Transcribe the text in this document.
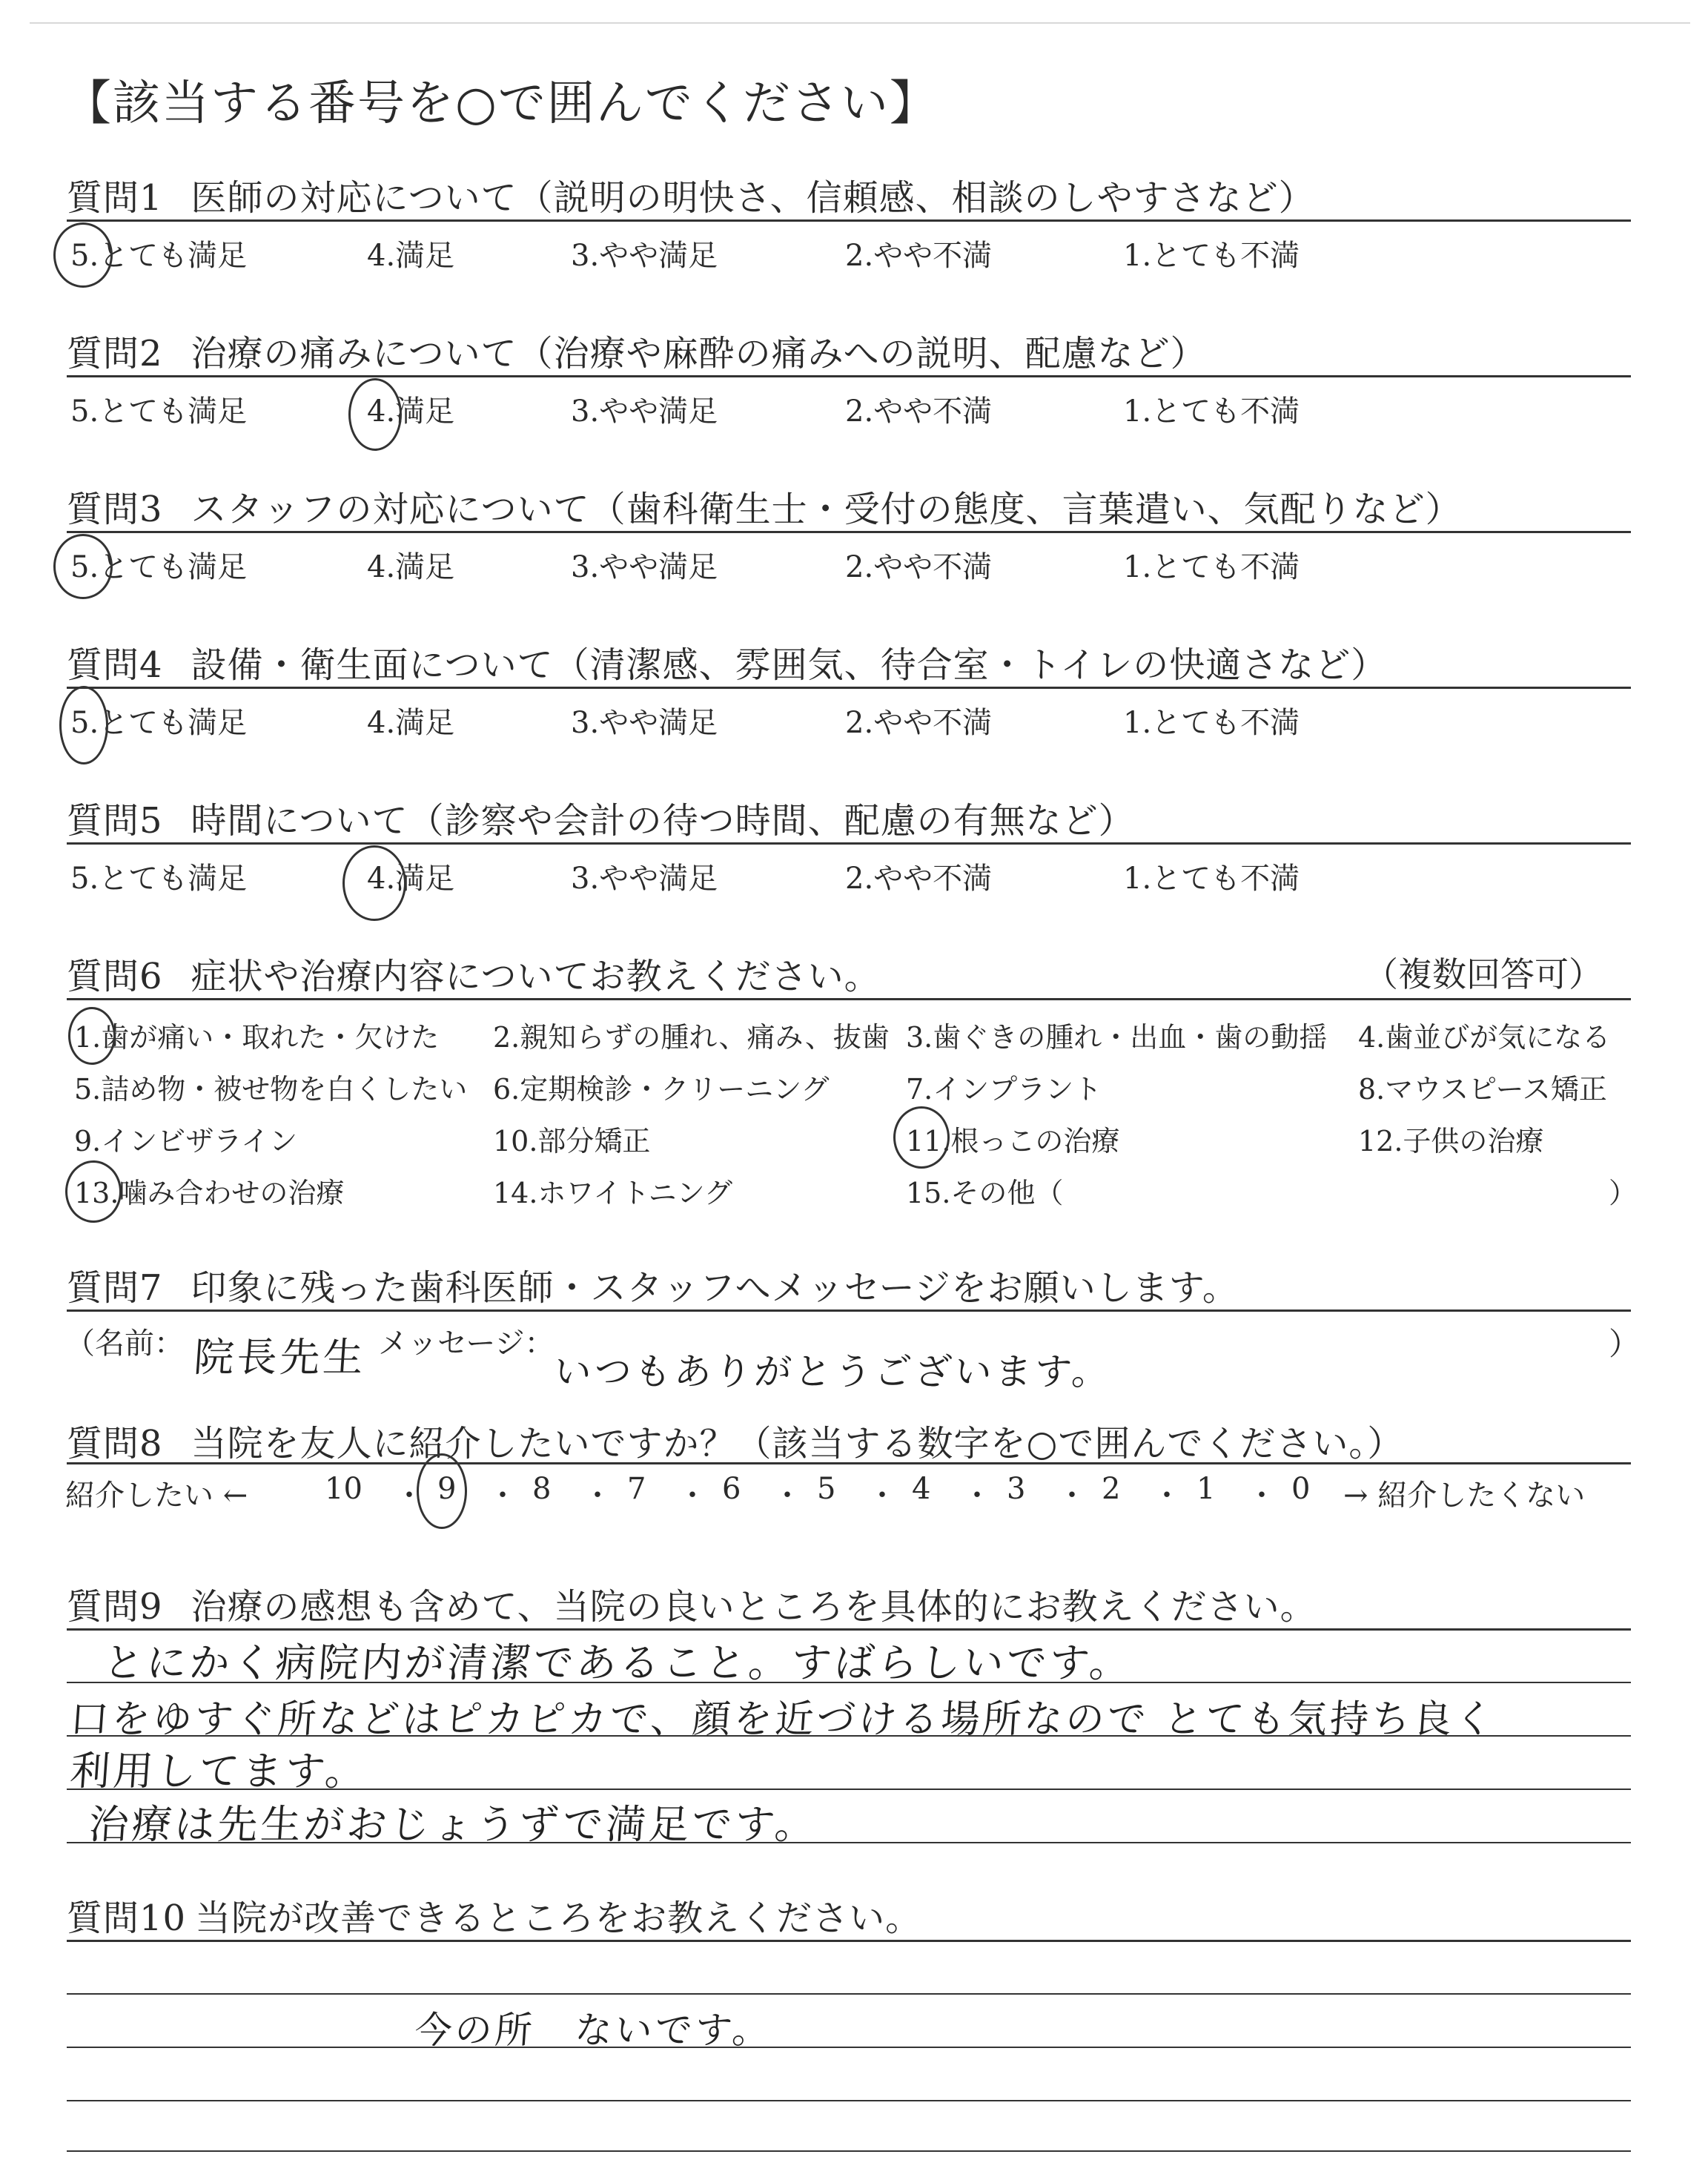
【該当する番号を○で囲んでください】
質問1 医師の対応について（説明の明快さ、信頼感、相談のしやすさなど）
5.とても満足	4.満足	3.やや満足	2.やや不満	1.とても不満
質問2 治療の痛みについて（治療や麻酔の痛みへの説明、配慮など）
5.とても満足	4.満足	3.やや満足	2.やや不満	1.とても不満
質問3 スタッフの対応について（歯科衛生士・受付の態度、言葉遣い、気配りなど）
5.とても満足	4.満足	3.やや満足	2.やや不満	1.とても不満
質問4 設備・衛生面について（清潔感、雰囲気、待合室・トイレの快適さなど）
5.とても満足	4.満足	3.やや満足	2.やや不満	1.とても不満
質問5 時間について（診察や会計の待つ時間、配慮の有無など）
5.とても満足	4.満足	3.やや満足	2.やや不満	1.とても不満
質問6 症状や治療内容についてお教えください。	（複数回答可）
1.歯が痛い・取れた・欠けた 2.親知らずの腫れ、痛み、抜歯 3.歯ぐきの腫れ・出血・歯の動揺 4.歯並びが気になる
5.詰め物・被せ物を白くしたい 6.定期検診・クリーニング	7.インプラント	8.マウスピース矯正
9.インビザライン	10.部分矯正	11.根っこの治療	12.子供の治療
13.噛み合わせの治療	14.ホワイトニング	15.その他（	）
質問7 印象に残った歯科医師・スタッフへメッセージをお願いします。
（名前： 院長先生 メッセージ：
いつもありがとうございます。
）
質問8 当院を友人に紹介したいですか？（該当する数字を○で囲んでください。）
紹介したい ←	10 ・ 9 ・ 8 ・ 7 ・ 6 ・ 5 ・ 4 ・ 3 ・ 2 ・ 1 ・ 0 → 紹介したくない
質問9 治療の感想も含めて、当院の良いところを具体的にお教えください。
とにかく病院内が清潔であること。すばらしいです。
口をゆすぐ所などはピカピカで、顔を近づける場所なので とても気持ち良く
利用してます。
治療は先生がおじょうずで満足です。
質問10 当院が改善できるところをお教えください。
今の所　ないです。
